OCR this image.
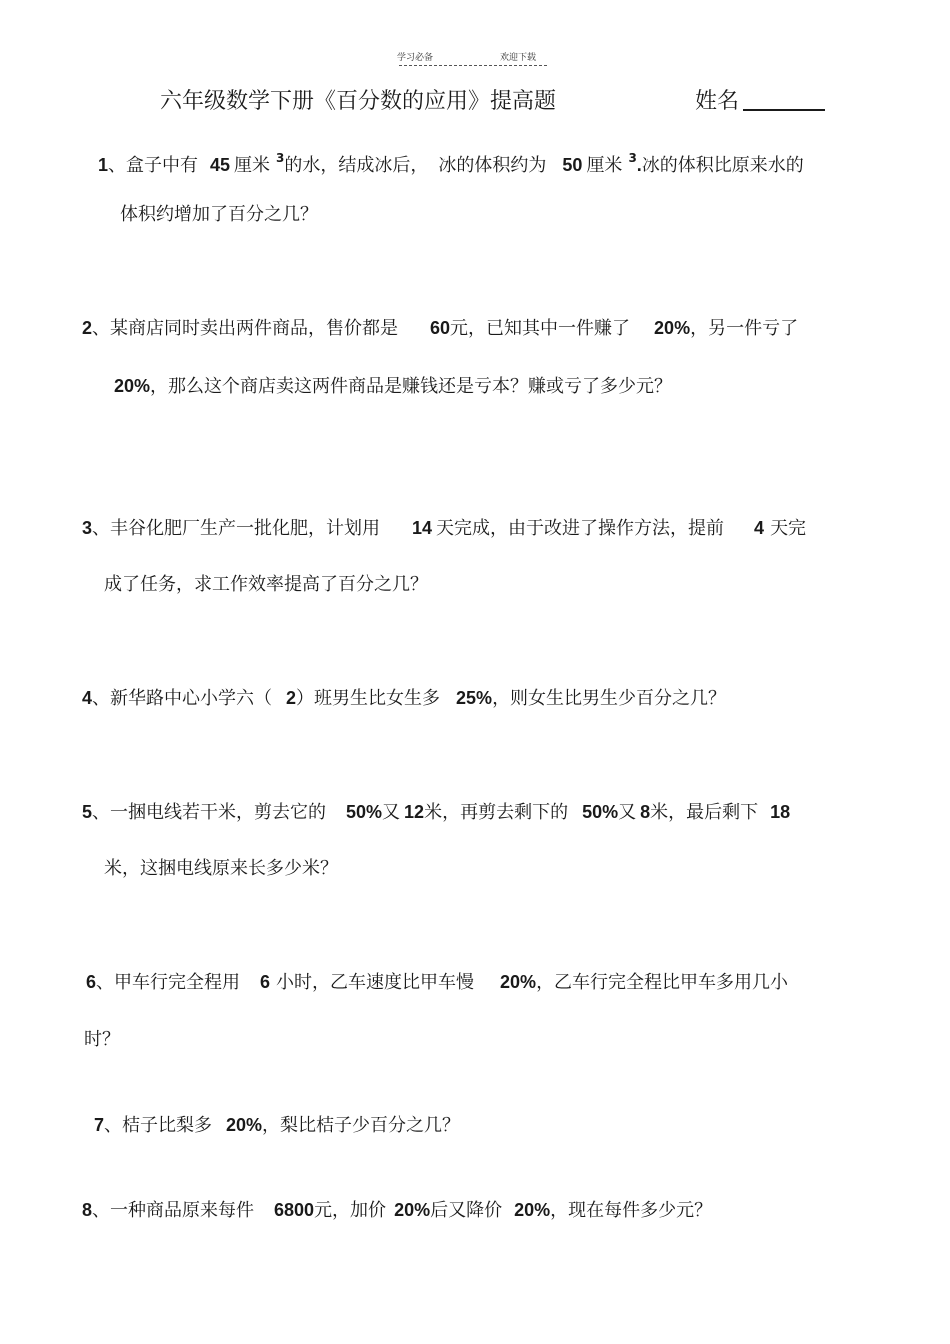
学习必备	欢迎下载
六年级数学下册《百分数的应用》提高题	姓名
1、盒子中有 45 厘米 $^3$的水，结成冰后， 冰的体积约为 50 厘米 $^3$.冰的体积比原来水的
体积约增加了百分之几？
2、某商店同时卖出两件商品，售价都是 60元，已知其中一件赚了 20%，另一件亏了
20%，那么这个商店卖这两件商品是赚钱还是亏本？赚或亏了多少元？
3、丰谷化肥厂生产一批化肥，计划用 14 天完成，由于改进了操作方法，提前 4 天完
成了任务，求工作效率提高了百分之几？
4、新华路中心小学六（ 2）班男生比女生多 25%，则女生比男生少百分之几？
5、一捆电线若干米，剪去它的 50%又 12米，再剪去剩下的 50%又 8米，最后剩下 18
米，这捆电线原来长多少米？
6、甲车行完全程用 6 小时，乙车速度比甲车慢 20%，乙车行完全程比甲车多用几小
时？
7、桔子比梨多 20%，梨比桔子少百分之几？
8、一种商品原来每件 6800元，加价 20%后又降价 20%，现在每件多少元？
